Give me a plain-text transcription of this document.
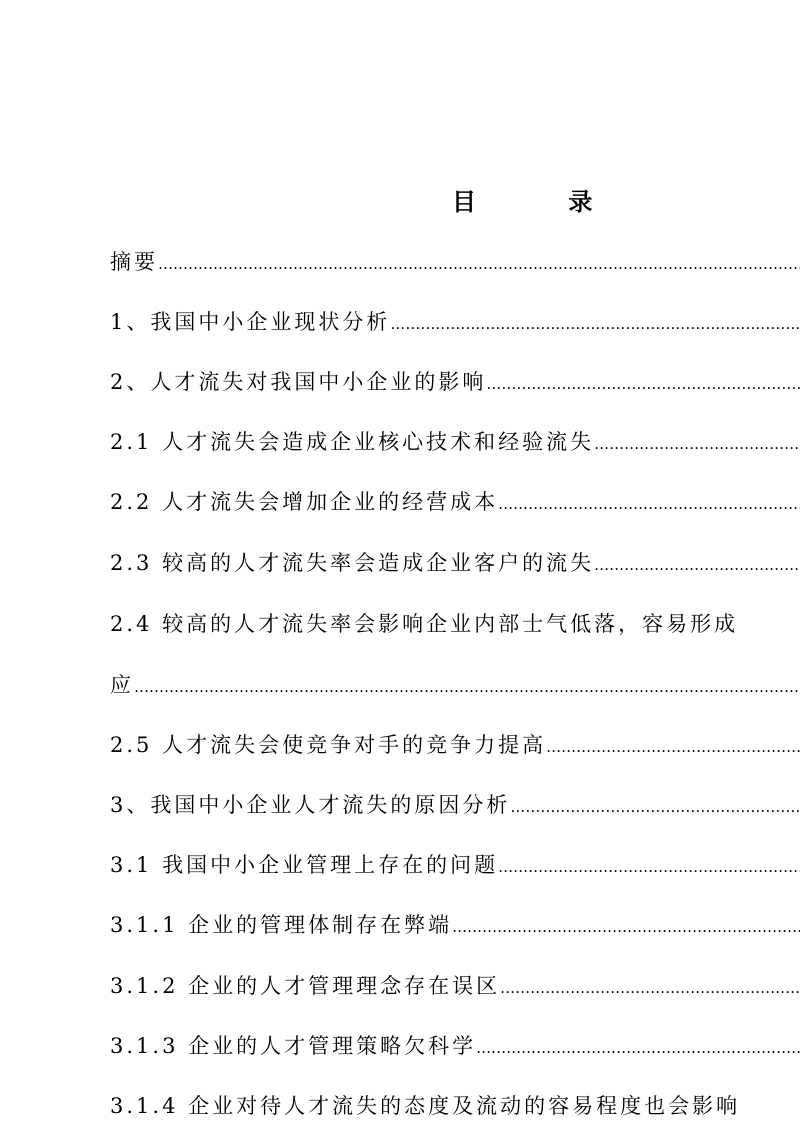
目 录
摘要
…………………………………………………………………………………………………………………………………………………………………………………………………
1、我国中小企业现状分析
…………………………………………………………………………………………………………………………………………………………………………………………………
2、人才流失对我国中小企业的影响
…………………………………………………………………………………………………………………………………………………………………………………………………
2.1 人才流失会造成企业核心技术和经验流失
…………………………………………………………………………………………………………………………………………………………………………………………………
2.2 人才流失会增加企业的经营成本
…………………………………………………………………………………………………………………………………………………………………………………………………
2.3 较高的人才流失率会造成企业客户的流失
…………………………………………………………………………………………………………………………………………………………………………………………………
2.4 较高的人才流失率会影响企业内部士气低落，容易形成
应
…………………………………………………………………………………………………………………………………………………………………………………………………
2.5 人才流失会使竞争对手的竞争力提高
…………………………………………………………………………………………………………………………………………………………………………………………………
3、我国中小企业人才流失的原因分析
…………………………………………………………………………………………………………………………………………………………………………………………………
3.1 我国中小企业管理上存在的问题
…………………………………………………………………………………………………………………………………………………………………………………………………
3.1.1 企业的管理体制存在弊端
…………………………………………………………………………………………………………………………………………………………………………………………………
3.1.2 企业的人才管理理念存在误区
…………………………………………………………………………………………………………………………………………………………………………………………………
3.1.3 企业的人才管理策略欠科学
…………………………………………………………………………………………………………………………………………………………………………………………………
3.1.4 企业对待人才流失的态度及流动的容易程度也会影响
